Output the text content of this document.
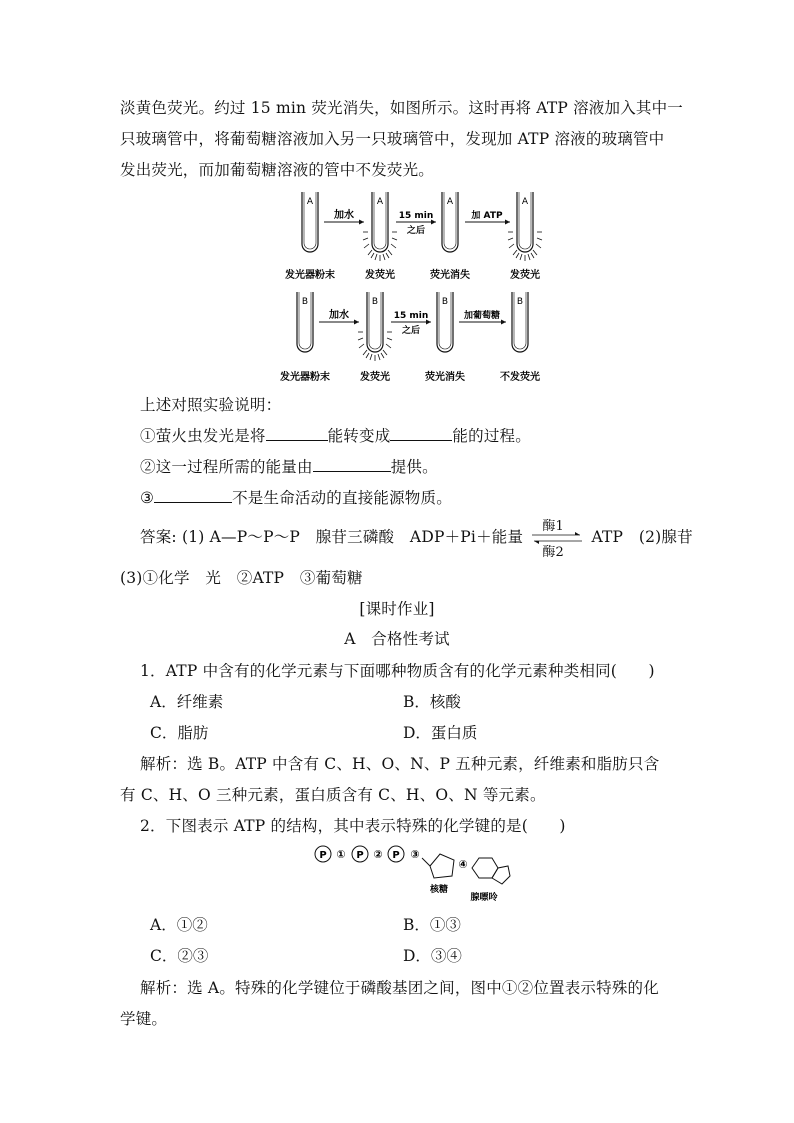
淡黄色荧光。约过 15 min 荧光消失，如图所示。这时再将 ATP 溶液加入其中一
只玻璃管中，将葡萄糖溶液加入另一只玻璃管中，发现加 ATP 溶液的玻璃管中
发出荧光，而加葡萄糖溶液的管中不发荧光。
A	A	A	A
加水	15 min
之后
加 ATP
发光器粉末	发荧光	荧光消失	发荧光
B	B	B	B
加水	15 min
之后
加葡萄糖
发光器粉末	发荧光	荧光消失	不发荧光
上述对照实验说明：
①萤火虫发光是将	能转变成	能的过程。
②这一过程所需的能量由	提供。
③	不是生命活动的直接能源物质。
答案: (1) A—P～P～P　腺苷三磷酸　ADP＋Pi＋能量
酶1
酶2
ATP　(2)腺苷
(3)①化学　光　②ATP　③葡萄糖
[课时作业]
A　合格性考试
1．ATP 中含有的化学元素与下面哪种物质含有的化学元素种类相同(　　)
A．纤维素	B．核酸
C．脂肪	D．蛋白质
解析：选 B。ATP 中含有 C、H、O、N、P 五种元素，纤维素和脂肪只含
有 C、H、O 三种元素，蛋白质含有 C、H、O、N 等元素。
2．下图表示 ATP 的结构，其中表示特殊的化学键的是(　　)
P ① P ② P ③
④
核糖
腺嘌呤
A．①②	B．①③
C．②③	D．③④
解析：选 A。特殊的化学键位于磷酸基团之间，图中①②位置表示特殊的化
学键。
